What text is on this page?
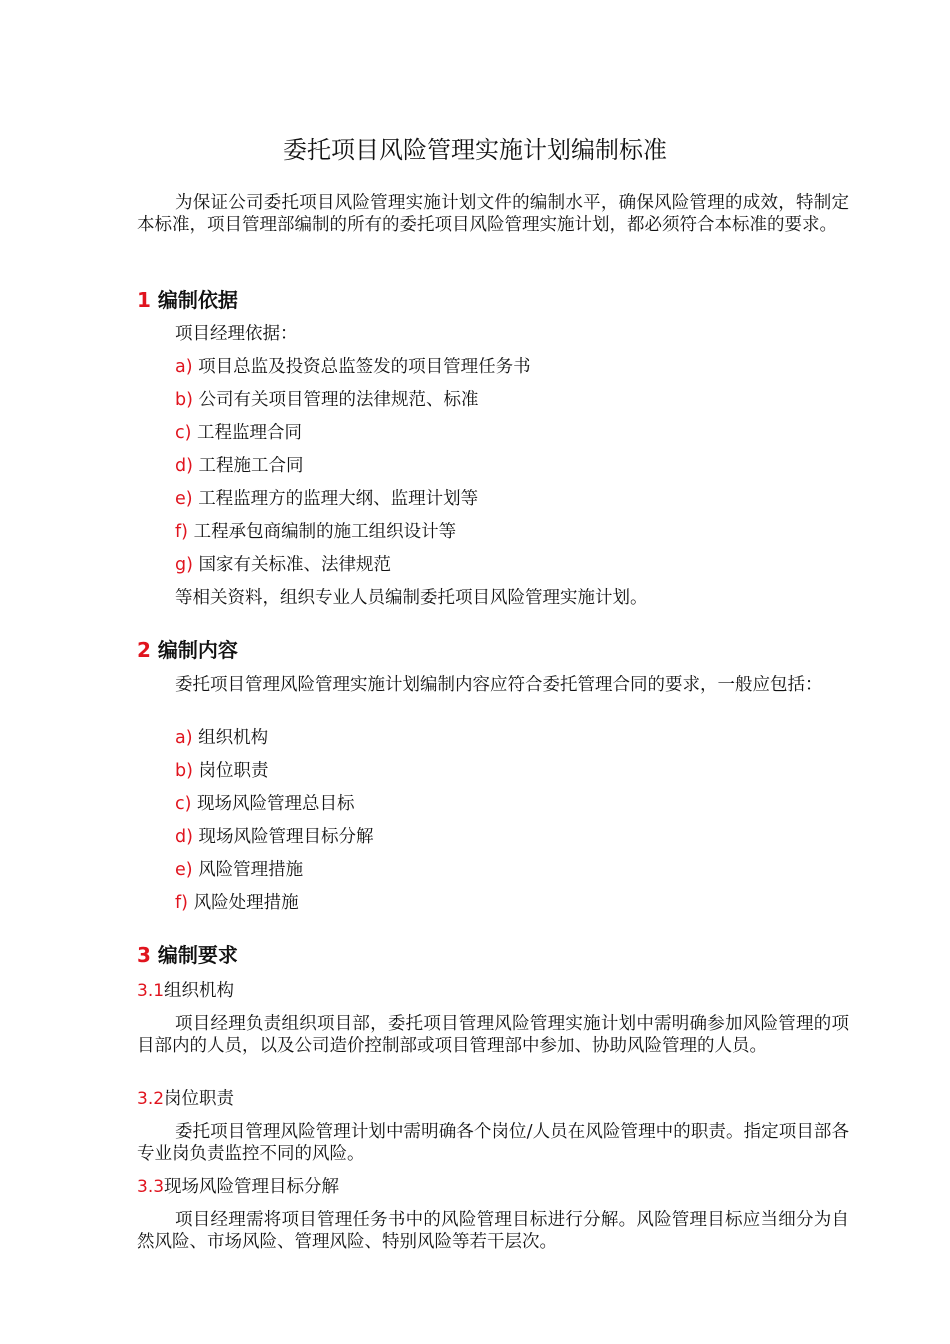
委托项目风险管理实施计划编制标准

为保证公司委托项目风险管理实施计划文件的编制水平，确保风险管理的成效，特制定本标准，项目管理部编制的所有的委托项目风险管理实施计划，都必须符合本标准的要求。

1 编制依据
项目经理依据：
a) 项目总监及投资总监签发的项目管理任务书
b) 公司有关项目管理的法律规范、标准
c) 工程监理合同
d) 工程施工合同
e) 工程监理方的监理大纲、监理计划等
f) 工程承包商编制的施工组织设计等
g) 国家有关标准、法律规范
等相关资料，组织专业人员编制委托项目风险管理实施计划。
2 编制内容

委托项目管理风险管理实施计划编制内容应符合委托管理合同的要求，一般应包括：

a) 组织机构
b) 岗位职责
c) 现场风险管理总目标
d) 现场风险管理目标分解
e) 风险管理措施
f) 风险处理措施
3 编制要求
3.1组织机构

项目经理负责组织项目部，委托项目管理风险管理实施计划中需明确参加风险管理的项目部内的人员，以及公司造价控制部或项目管理部中参加、协助风险管理的人员。

3.2岗位职责

委托项目管理风险管理计划中需明确各个岗位/人员在风险管理中的职责。指定项目部各专业岗负责监控不同的风险。

3.3现场风险管理目标分解

项目经理需将项目管理任务书中的风险管理目标进行分解。风险管理目标应当细分为自然风险、市场风险、管理风险、特别风险等若干层次。
